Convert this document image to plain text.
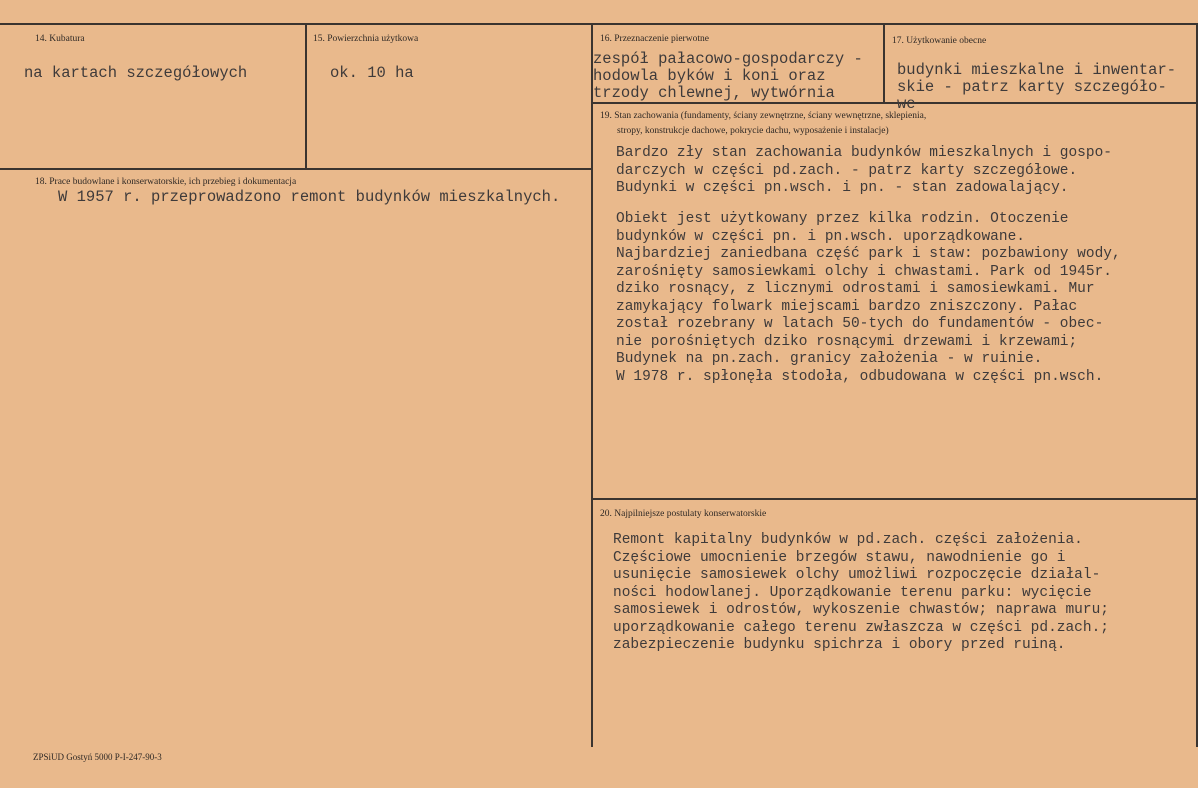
14. Kubatura
na kartach szczegółowych
15. Powierzchnia użytkowa
ok. 10 ha
16. Przeznaczenie pierwotne
zespół pałacowo-gospodarczy -
hodowla byków i koni oraz
trzody chlewnej, wytwórnia
17. Użytkowanie obecne
budynki mieszkalne i inwentar-
skie - patrz karty szczegóło-
we
18. Prace budowlane i konserwatorskie, ich przebieg i dokumentacja
W 1957 r. przeprowadzono remont budynków mieszkalnych.
19. Stan zachowania (fundamenty, ściany zewnętrzne, ściany wewnętrzne, sklepienia,
stropy, konstrukcje dachowe, pokrycie dachu, wyposażenie i instalacje)
Bardzo zły stan zachowania budynków mieszkalnych i gospo-
darczych w części pd.zach. - patrz karty szczegółowe.
Budynki w części pn.wsch. i pn. - stan zadowalający.
Obiekt jest użytkowany przez kilka rodzin. Otoczenie
budynków w części pn. i pn.wsch. uporządkowane.
Najbardziej zaniedbana część park i staw: pozbawiony wody,
zarośnięty samosiewkami olchy i chwastami. Park od 1945r.
dziko rosnący, z licznymi odrostami i samosiewkami. Mur
zamykający folwark miejscami bardzo zniszczony. Pałac
został rozebrany w latach 50-tych do fundamentów - obec-
nie porośniętych dziko rosnącymi drzewami i krzewami;
Budynek na pn.zach. granicy założenia - w ruinie.
W 1978 r. spłonęła stodoła, odbudowana w części pn.wsch.
20. Najpilniejsze postulaty konserwatorskie
Remont kapitalny budynków w pd.zach. części założenia.
Częściowe umocnienie brzegów stawu, nawodnienie go i
usunięcie samosiewek olchy umożliwi rozpoczęcie działal-
ności hodowlanej. Uporządkowanie terenu parku: wycięcie
samosiewek i odrostów, wykoszenie chwastów; naprawa muru;
uporządkowanie całego terenu zwłaszcza w części pd.zach.;
zabezpieczenie budynku spichrza i obory przed ruiną.
ZPSiUD Gostyń 5000 P-I-247-90-3
